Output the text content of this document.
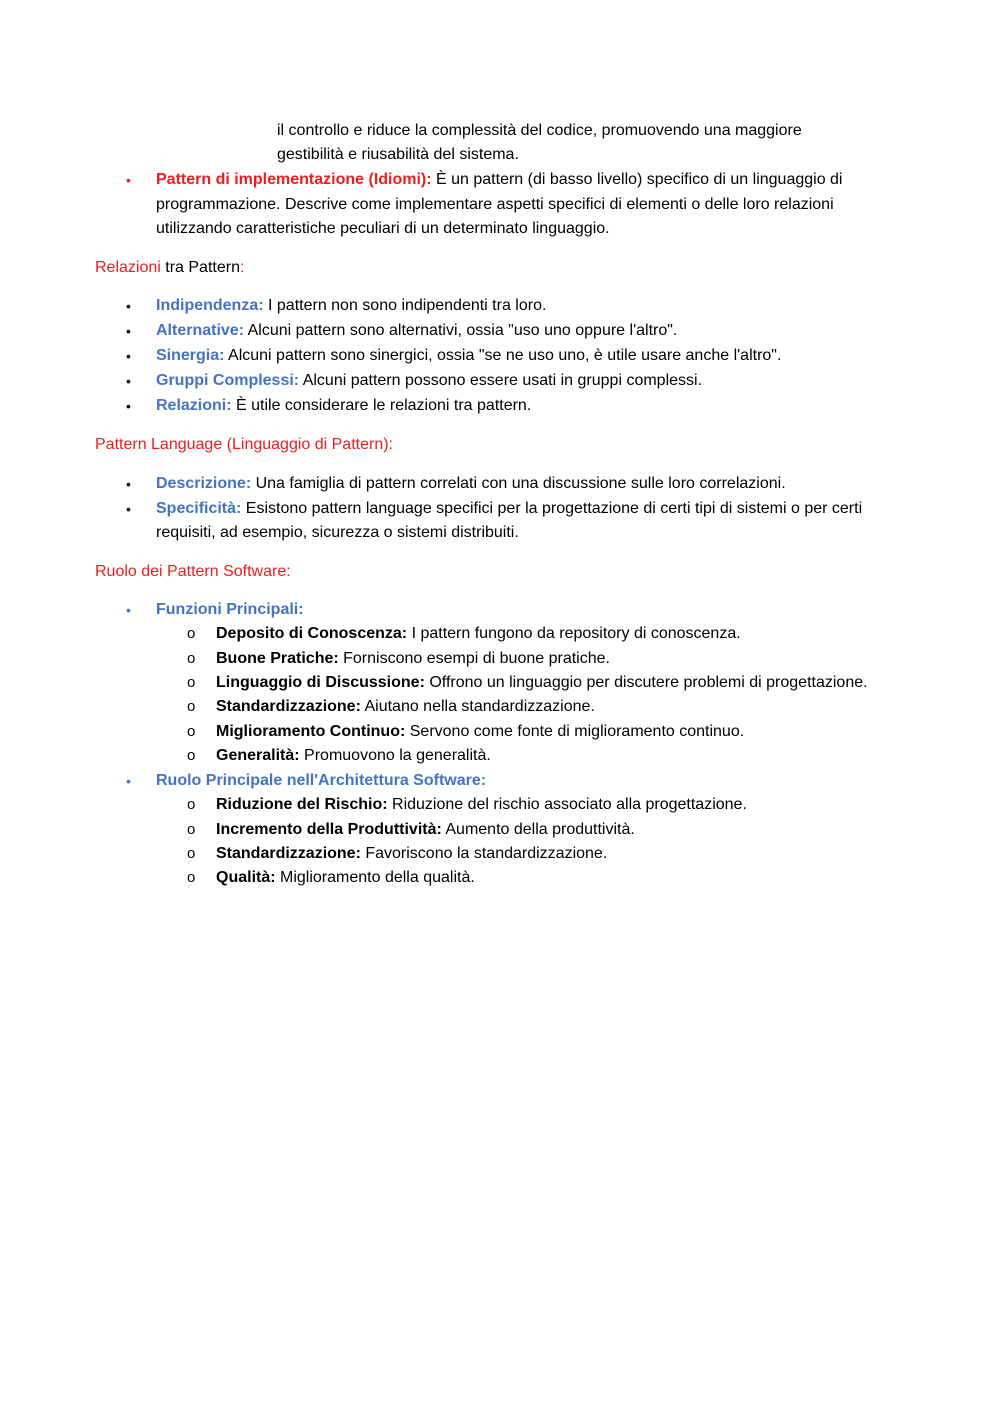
il controllo e riduce la complessità del codice, promuovendo una maggiore
gestibilità e riusabilità del sistema.
• Pattern di implementazione (Idiomi): È un pattern (di basso livello) specifico di un linguaggio di
programmazione. Descrive come implementare aspetti specifici di elementi o delle loro relazioni
utilizzando caratteristiche peculiari di un determinato linguaggio.
Relazioni tra Pattern:
• Indipendenza: I pattern non sono indipendenti tra loro.
• Alternative: Alcuni pattern sono alternativi, ossia "uso uno oppure l'altro".
• Sinergia: Alcuni pattern sono sinergici, ossia "se ne uso uno, è utile usare anche l'altro".
• Gruppi Complessi: Alcuni pattern possono essere usati in gruppi complessi.
• Relazioni: È utile considerare le relazioni tra pattern.
Pattern Language (Linguaggio di Pattern):
• Descrizione: Una famiglia di pattern correlati con una discussione sulle loro correlazioni.
• Specificità: Esistono pattern language specifici per la progettazione di certi tipi di sistemi o per certi
requisiti, ad esempio, sicurezza o sistemi distribuiti.
Ruolo dei Pattern Software:
• Funzioni Principali:
o Deposito di Conoscenza: I pattern fungono da repository di conoscenza.
o Buone Pratiche: Forniscono esempi di buone pratiche.
o Linguaggio di Discussione: Offrono un linguaggio per discutere problemi di progettazione.
o Standardizzazione: Aiutano nella standardizzazione.
o Miglioramento Continuo: Servono come fonte di miglioramento continuo.
o Generalità: Promuovono la generalità.
• Ruolo Principale nell'Architettura Software:
o Riduzione del Rischio: Riduzione del rischio associato alla progettazione.
o Incremento della Produttività: Aumento della produttività.
o Standardizzazione: Favoriscono la standardizzazione.
o Qualità: Miglioramento della qualità.
